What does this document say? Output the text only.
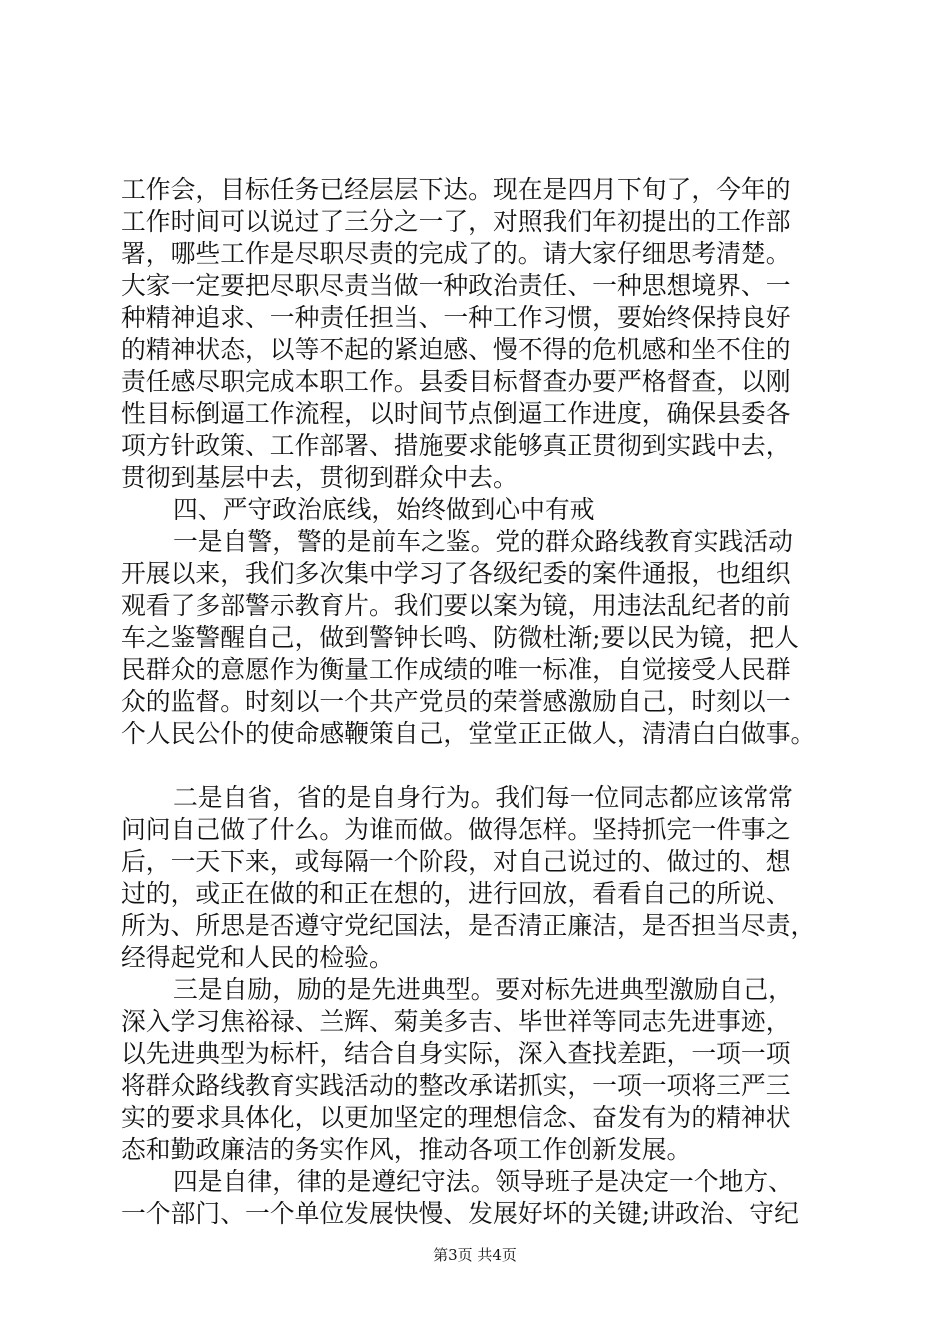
工作会，目标任务已经层层下达。现在是四月下旬了，今年的
工作时间可以说过了三分之一了，对照我们年初提出的工作部
署，哪些工作是尽职尽责的完成了的。请大家仔细思考清楚。
大家一定要把尽职尽责当做一种政治责任、一种思想境界、一
种精神追求、一种责任担当、一种工作习惯，要始终保持良好
的精神状态，以等不起的紧迫感、慢不得的危机感和坐不住的
责任感尽职完成本职工作。县委目标督查办要严格督查，以刚
性目标倒逼工作流程，以时间节点倒逼工作进度，确保县委各
项方针政策、工作部署、措施要求能够真正贯彻到实践中去，
贯彻到基层中去，贯彻到群众中去。
四、严守政治底线，始终做到心中有戒
一是自警，警的是前车之鉴。党的群众路线教育实践活动
开展以来，我们多次集中学习了各级纪委的案件通报，也组织
观看了多部警示教育片。我们要以案为镜，用违法乱纪者的前
车之鉴警醒自己，做到警钟长鸣、防微杜渐;要以民为镜，把人
民群众的意愿作为衡量工作成绩的唯一标准，自觉接受人民群
众的监督。时刻以一个共产党员的荣誉感激励自己，时刻以一
个人民公仆的使命感鞭策自己，堂堂正正做人，清清白白做事。
二是自省，省的是自身行为。我们每一位同志都应该常常
问问自己做了什么。为谁而做。做得怎样。坚持抓完一件事之
后，一天下来，或每隔一个阶段，对自己说过的、做过的、想
过的，或正在做的和正在想的，进行回放，看看自己的所说、
所为、所思是否遵守党纪国法，是否清正廉洁，是否担当尽责，
经得起党和人民的检验。
三是自励，励的是先进典型。要对标先进典型激励自己，
深入学习焦裕禄、兰辉、菊美多吉、毕世祥等同志先进事迹，
以先进典型为标杆，结合自身实际，深入查找差距，一项一项
将群众路线教育实践活动的整改承诺抓实，一项一项将三严三
实的要求具体化，以更加坚定的理想信念、奋发有为的精神状
态和勤政廉洁的务实作风，推动各项工作创新发展。
四是自律，律的是遵纪守法。领导班子是决定一个地方、
一个部门、一个单位发展快慢、发展好坏的关键;讲政治、守纪
第3页 共4页
